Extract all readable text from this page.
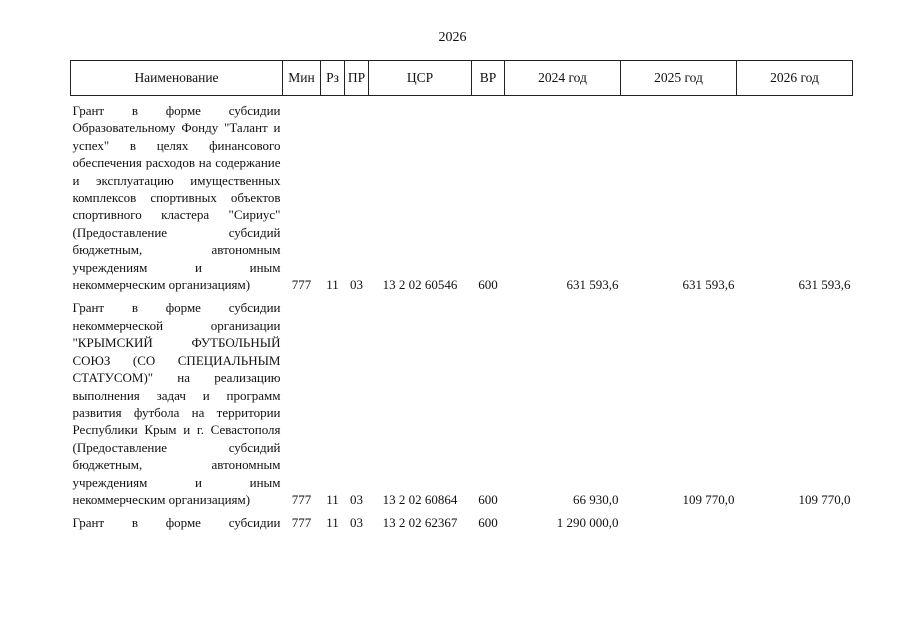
2026
Наименование	Мин	Рз	ПР	ЦСР	ВР	2024 год	2025 год	2026 год
Грант в форме субсидии Образовательному Фонду "Талант и успех" в целях финансового обеспечения расходов на содержание и эксплуатацию имущественных комплексов спортивных объектов спортивного кластера "Сириус" (Предоставление субсидий бюджетным, автономным учреждениям и иным некоммерческим организациям)	777	11	03	13 2 02 60546	600	631 593,6	631 593,6	631 593,6
Грант в форме субсидии некоммерческой организации "КРЫМСКИЙ ФУТБОЛЬНЫЙ СОЮЗ (СО СПЕЦИАЛЬНЫМ СТАТУСОМ)" на реализацию выполнения задач и программ развития футбола на территории Республики Крым и г. Севастополя (Предоставление субсидий бюджетным, автономным учреждениям и иным некоммерческим организациям)	777	11	03	13 2 02 60864	600	66 930,0	109 770,0	109 770,0

Грант в форме субсидии	777	11	03	13 2 02 62367	600	1 290 000,0		
